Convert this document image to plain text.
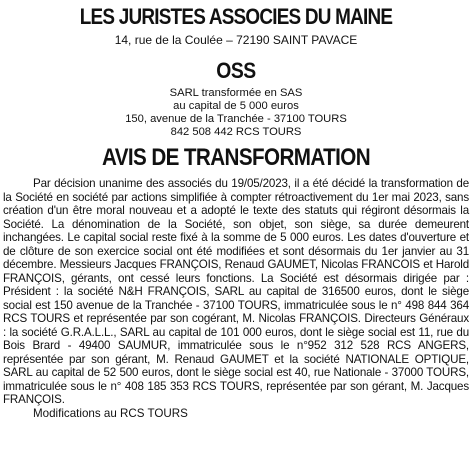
LES JURISTES ASSOCIES DU MAINE
14, rue de la Coulée – 72190 SAINT PAVACE
OSS
SARL transformée en SAS
au capital de 5 000 euros
150, avenue de la Tranchée - 37100 TOURS
842 508 442 RCS TOURS
AVIS DE TRANSFORMATION

Par décision unanime des associés du 19/05/2023, il a été décidé la transformation de la Société en société par actions simplifiée à compter rétroactivement du 1er mai 2023, sans création d'un être moral nouveau et a adopté le texte des statuts qui régiront désormais la Société. La dénomination de la Société, son objet, son siège, sa durée demeurent inchangées. Le capital social reste fixé à la somme de 5 000 euros. Les dates d'ouverture et de clôture de son exercice social ont été modifiées et sont désormais du 1er janvier au 31 décembre. Messieurs Jacques FRANÇOIS, Renaud GAUMET, Nicolas FRANCOIS et Harold FRANÇOIS, gérants, ont cessé leurs fonctions. La Société est désormais dirigée par : Président : la société N&H FRANÇOIS, SARL au capital de 316500 euros, dont le siège social est 150 avenue de la Tranchée - 37100 TOURS, immatriculée sous le n° 498 844 364 RCS TOURS et représentée par son cogérant, M. Nicolas FRANÇOIS. Directeurs Généraux : la société G.R.A.L.L., SARL au capital de 101 000 euros, dont le siège social est 11, rue du Bois Brard - 49400 SAUMUR, immatriculée sous le n°952 312 528 RCS ANGERS, représentée par son gérant, M. Renaud GAUMET et la société NATIONALE OPTIQUE, SARL au capital de 52 500 euros, dont le siège social est 40, rue Nationale - 37000 TOURS, immatriculée sous le n° 408 185 353 RCS TOURS, représentée par son gérant, M. Jacques FRANÇOIS.

Modifications au RCS TOURS
